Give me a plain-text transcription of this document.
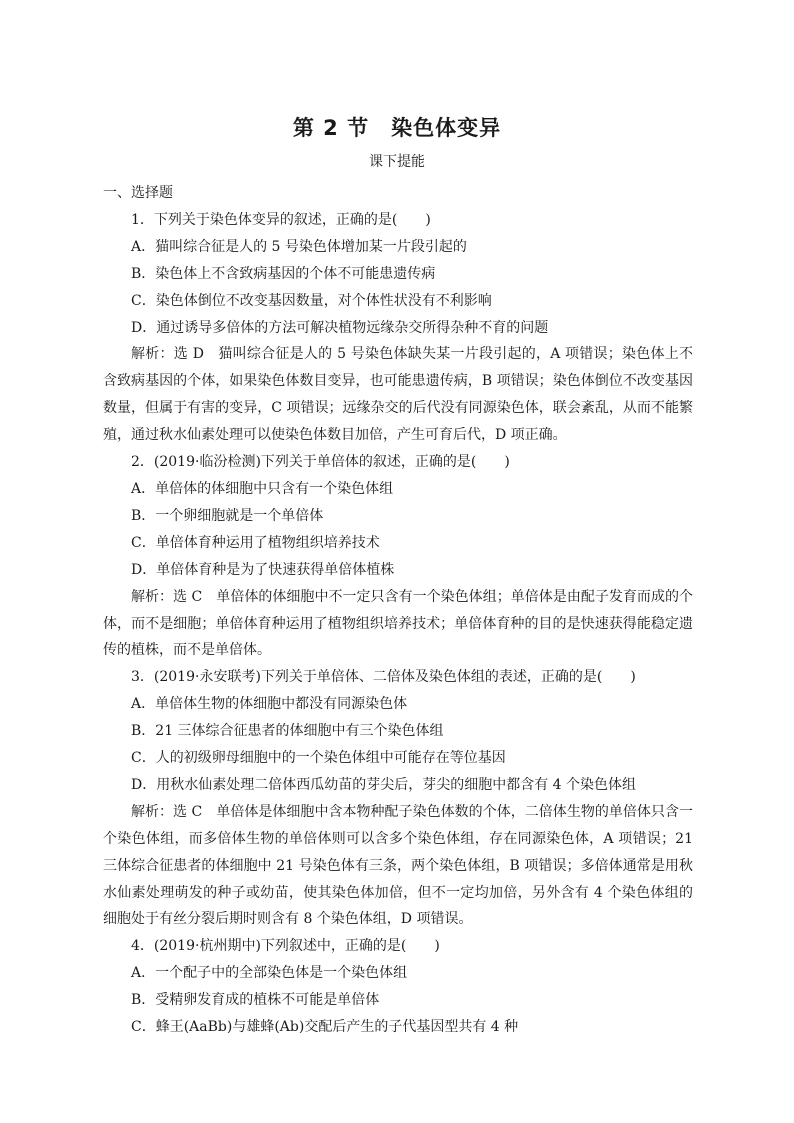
第 2 节　染色体变异
课下提能

一、选择题

1．下列关于染色体变异的叙述，正确的是(　　)

A．猫叫综合征是人的 5 号染色体增加某一片段引起的

B．染色体上不含致病基因的个体不可能患遗传病

C．染色体倒位不改变基因数量，对个体性状没有不利影响

D．通过诱导多倍体的方法可解决植物远缘杂交所得杂种不育的问题

解析：选 D　猫叫综合征是人的 5 号染色体缺失某一片段引起的，A 项错误；染色体上不含致病基因的个体，如果染色体数目变异，也可能患遗传病，B 项错误；染色体倒位不改变基因数量，但属于有害的变异，C 项错误；远缘杂交的后代没有同源染色体，联会紊乱，从而不能繁殖，通过秋水仙素处理可以使染色体数目加倍，产生可育后代，D 项正确。

2．(2019·临汾检测)下列关于单倍体的叙述，正确的是(　　)

A．单倍体的体细胞中只含有一个染色体组

B．一个卵细胞就是一个单倍体

C．单倍体育种运用了植物组织培养技术

D．单倍体育种是为了快速获得单倍体植株

解析：选 C　单倍体的体细胞中不一定只含有一个染色体组；单倍体是由配子发育而成的个体，而不是细胞；单倍体育种运用了植物组织培养技术；单倍体育种的目的是快速获得能稳定遗传的植株，而不是单倍体。

3．(2019·永安联考)下列关于单倍体、二倍体及染色体组的表述，正确的是(　　)

A．单倍体生物的体细胞中都没有同源染色体

B．21 三体综合征患者的体细胞中有三个染色体组

C．人的初级卵母细胞中的一个染色体组中可能存在等位基因

D．用秋水仙素处理二倍体西瓜幼苗的芽尖后，芽尖的细胞中都含有 4 个染色体组

解析：选 C　单倍体是体细胞中含本物种配子染色体数的个体，二倍体生物的单倍体只含一个染色体组，而多倍体生物的单倍体则可以含多个染色体组，存在同源染色体，A 项错误；21 三体综合征患者的体细胞中 21 号染色体有三条，两个染色体组，B 项错误；多倍体通常是用秋水仙素处理萌发的种子或幼苗，使其染色体加倍，但不一定均加倍，另外含有 4 个染色体组的细胞处于有丝分裂后期时则含有 8 个染色体组，D 项错误。

4．(2019·杭州期中)下列叙述中，正确的是(　　)

A．一个配子中的全部染色体是一个染色体组

B．受精卵发育成的植株不可能是单倍体

C．蜂王(AaBb)与雄蜂(Ab)交配后产生的子代基因型共有 4 种
